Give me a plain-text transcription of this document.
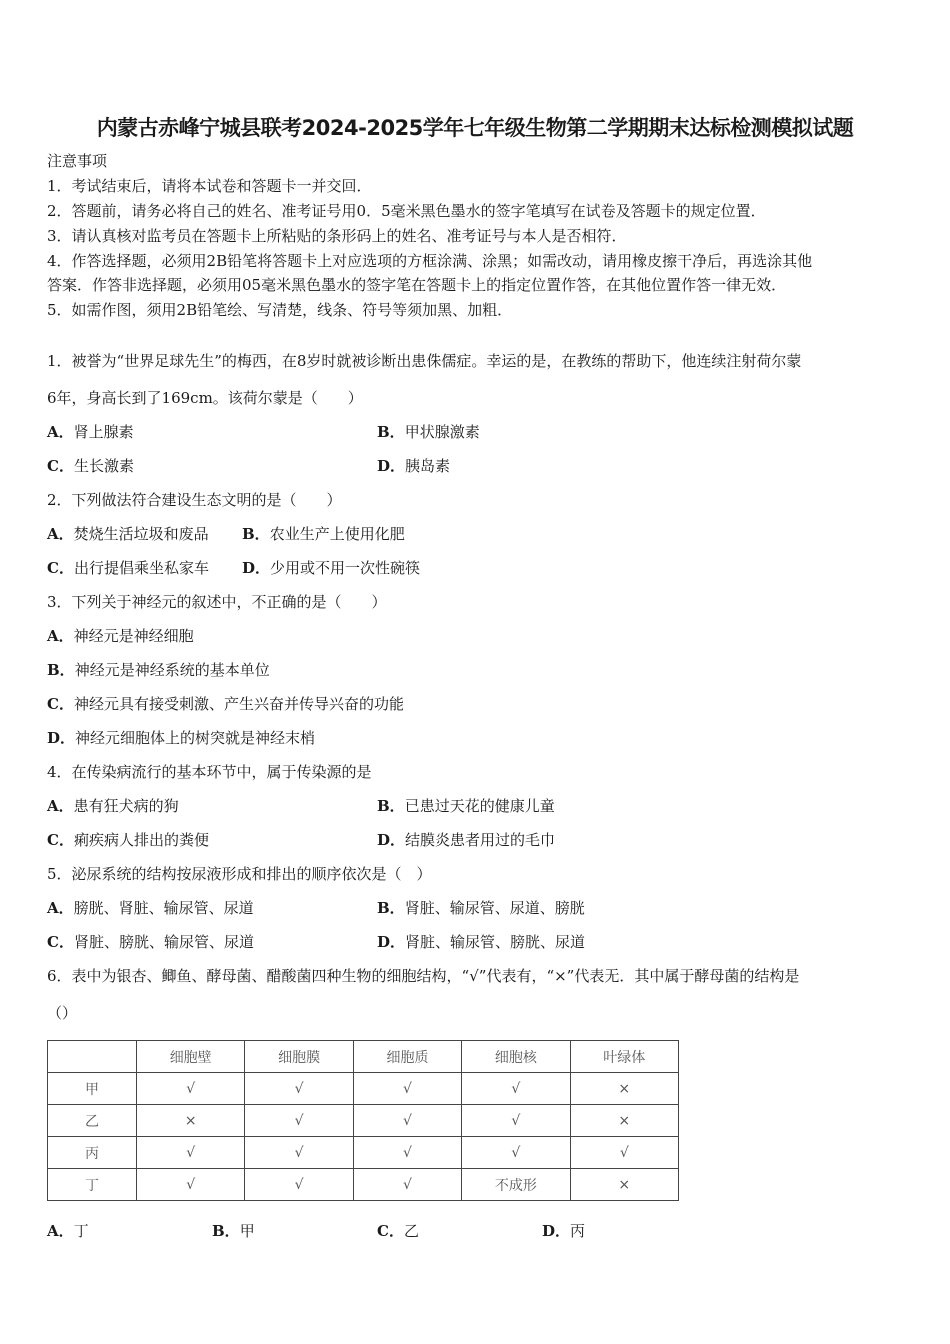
内蒙古赤峰宁城县联考2024-2025学年七年级生物第二学期期末达标检测模拟试题
注意事项
1．考试结束后，请将本试卷和答题卡一并交回．
2．答题前，请务必将自己的姓名、准考证号用0．5毫米黑色墨水的签字笔填写在试卷及答题卡的规定位置．
3．请认真核对监考员在答题卡上所粘贴的条形码上的姓名、准考证号与本人是否相符．
4．作答选择题，必须用2B铅笔将答题卡上对应选项的方框涂满、涂黑；如需改动，请用橡皮擦干净后，再选涂其他
答案．作答非选择题，必须用05毫米黑色墨水的签字笔在答题卡上的指定位置作答，在其他位置作答一律无效．
5．如需作图，须用2B铅笔绘、写清楚，线条、符号等须加黑、加粗．
1．被誉为“世界足球先生”的梅西，在8岁时就被诊断出患侏儒症。幸运的是，在教练的帮助下，他连续注射荷尔蒙
6年，身高长到了169cm。该荷尔蒙是（　　）
A．肾上腺素	B．甲状腺激素
C．生长激素	D．胰岛素
2．下列做法符合建设生态文明的是（　　）
A．焚烧生活垃圾和废品 B．农业生产上使用化肥
C．出行提倡乘坐私家车 D．少用或不用一次性碗筷
3．下列关于神经元的叙述中，不正确的是（　　）
A．神经元是神经细胞
B．神经元是神经系统的基本单位
C．神经元具有接受刺激、产生兴奋并传导兴奋的功能
D．神经元细胞体上的树突就是神经末梢
4．在传染病流行的基本环节中，属于传染源的是
A．患有狂犬病的狗	B．已患过天花的健康儿童
C．痢疾病人排出的粪便	D．结膜炎患者用过的毛巾
5．泌尿系统的结构按尿液形成和排出的顺序依次是（　）
A．膀胱、肾脏、输尿管、尿道	B．肾脏、输尿管、尿道、膀胱
C．肾脏、膀胱、输尿管、尿道	D．肾脏、输尿管、膀胱、尿道
6．表中为银杏、鲫鱼、酵母菌、醋酸菌四种生物的细胞结构，“√”代表有，“×”代表无．其中属于酵母菌的结构是
（）
	细胞壁	细胞膜	细胞质	细胞核	叶绿体
甲	√	√	√	√	×
乙	×	√	√	√	×
丙	√	√	√	√	√
丁	√	√	√	不成形	×
A．丁	B．甲	C．乙	D．丙
